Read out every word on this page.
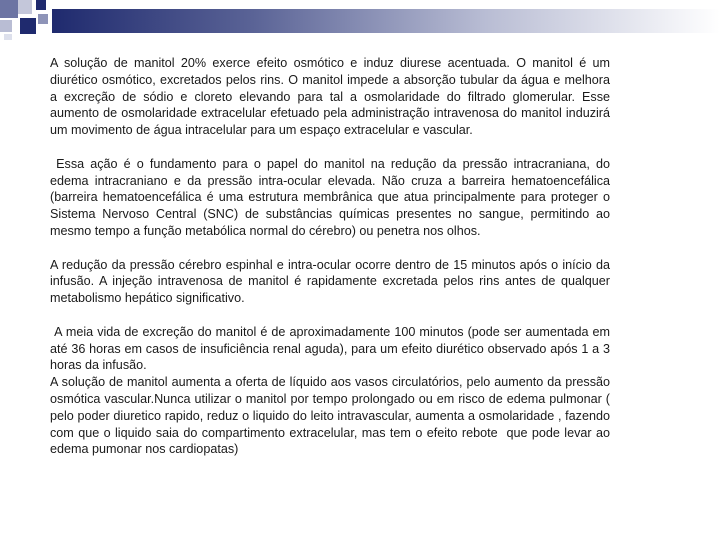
A solução de manitol 20% exerce efeito osmótico e induz diurese acentuada. O manitol é um diurético osmótico, excretados pelos rins. O manitol impede a absorção tubular da água e melhora a excreção de sódio e cloreto elevando para tal a osmolaridade do filtrado glomerular. Esse aumento de osmolaridade extracelular efetuado pela administração intravenosa do manitol induzirá um movimento de água intracelular para um espaço extracelular e vascular.

Essa ação é o fundamento para o papel do manitol na redução da pressão intracraniana, do edema intracraniano e da pressão intra-ocular elevada. Não cruza a barreira hematoencefálica (barreira hematoencefálica é uma estrutura membrânica que atua principalmente para proteger o Sistema Nervoso Central (SNC) de substâncias químicas presentes no sangue, permitindo ao mesmo tempo a função metabólica normal do cérebro) ou penetra nos olhos.

A redução da pressão cérebro espinhal e intra-ocular ocorre dentro de 15 minutos após o início da infusão. A injeção intravenosa de manitol é rapidamente excretada pelos rins antes de qualquer metabolismo hepático significativo.

A meia vida de excreção do manitol é de aproximadamente 100 minutos (pode ser aumentada em até 36 horas em casos de insuficiência renal aguda), para um efeito diurético observado após 1 a 3 horas da infusão.

A solução de manitol aumenta a oferta de líquido aos vasos circulatórios, pelo aumento da pressão osmótica vascular.Nunca utilizar o manitol por tempo prolongado ou em risco de edema pulmonar ( pelo poder diuretico rapido, reduz o liquido do leito intravascular, aumenta a osmolaridade , fazendo com que o liquido saia do compartimento extracelular, mas tem o efeito rebote  que pode levar ao edema pumonar nos cardiopatas)
